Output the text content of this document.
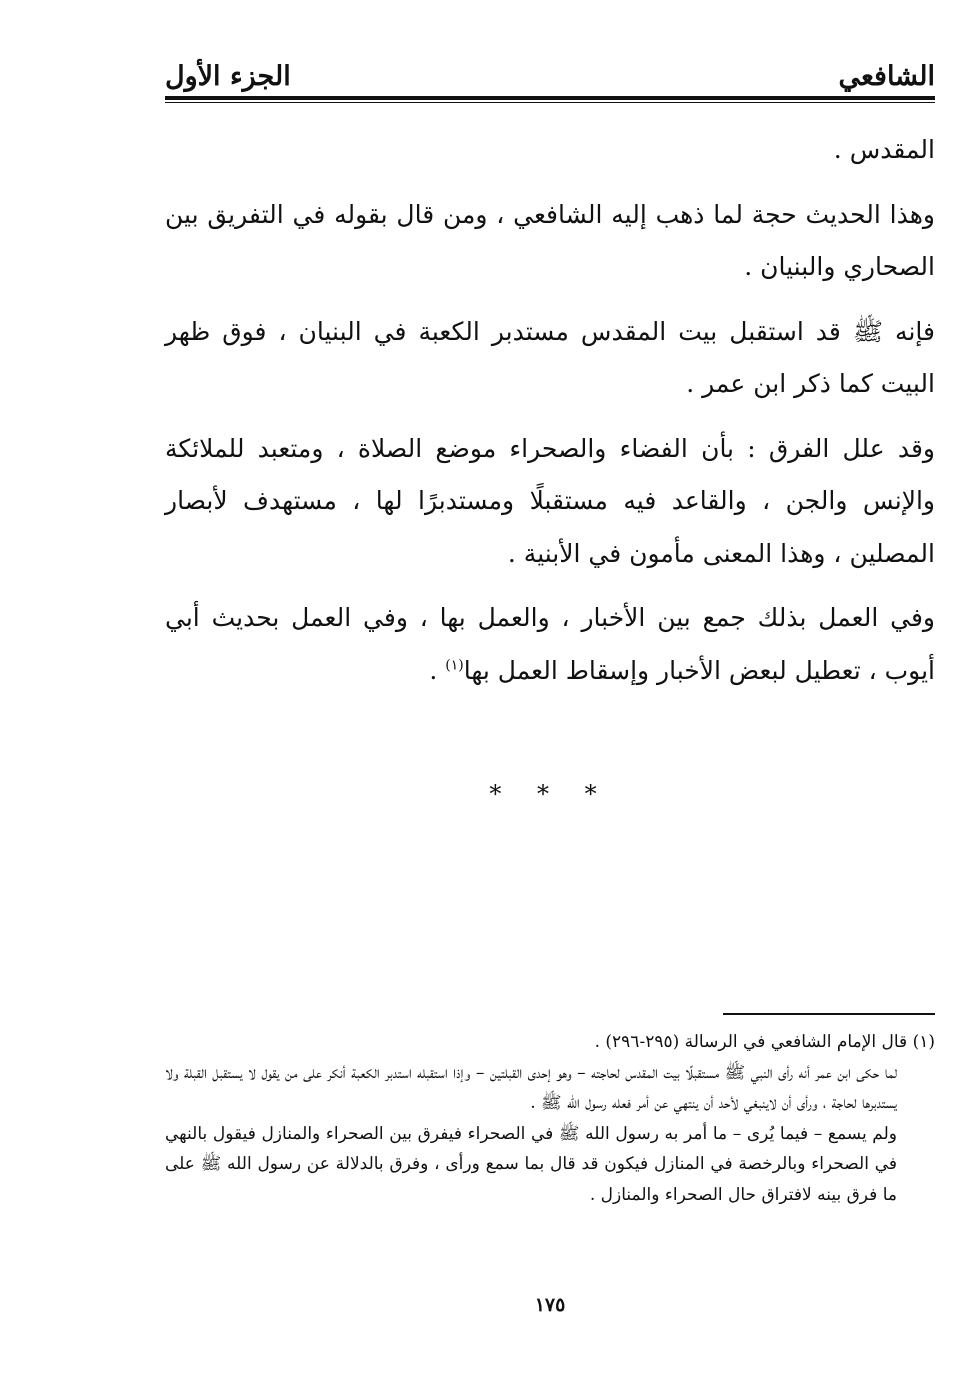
الشافعي
الجزء الأول

المقدس .

وهذا الحديث حجة لما ذهب إليه الشافعي ، ومن قال بقوله في التفريق بين الصحاري والبنيان .

فإنه ﷺ قد استقبل بيت المقدس مستدبر الكعبة في البنيان ، فوق ظهر البيت كما ذكر ابن عمر .

وقد علل الفرق : بأن الفضاء والصحراء موضع الصلاة ، ومتعبد للملائكة والإنس والجن ، والقاعد فيه مستقبلًا ومستدبرًا لها ، مستهدف لأبصار المصلين ، وهذا المعنى مأمون في الأبنية .

وفي العمل بذلك جمع بين الأخبار ، والعمل بها ، وفي العمل بحديث أبي أيوب ، تعطيل لبعض الأخبار وإسقاط العمل بها$^{(١)}$ .

* * *

(١) قال الإمام الشافعي في الرسالة (٢٩٥-٢٩٦) .

لما حكى ابن عمر أنه رأى النبي ﷺ مستقبلًا بيت المقدس لحاجته – وهو إحدى القبلتين – وإذا استقبله استدبر الكعبة أنكر على من يقول لا يستقبل القبلة ولا يستدبرها لحاجة ، ورأى أن لاينبغي لأحد أن ينتهي عن أمر فعله رسول الله ﷺ .

ولم يسمع – فيما يُرى – ما أمر به رسول الله ﷺ في الصحراء فيفرق بين الصحراء والمنازل فيقول بالنهي في الصحراء وبالرخصة في المنازل فيكون قد قال بما سمع ورأى ، وفرق بالدلالة عن رسول الله ﷺ على ما فرق بينه لافتراق حال الصحراء والمنازل .

١٧٥
